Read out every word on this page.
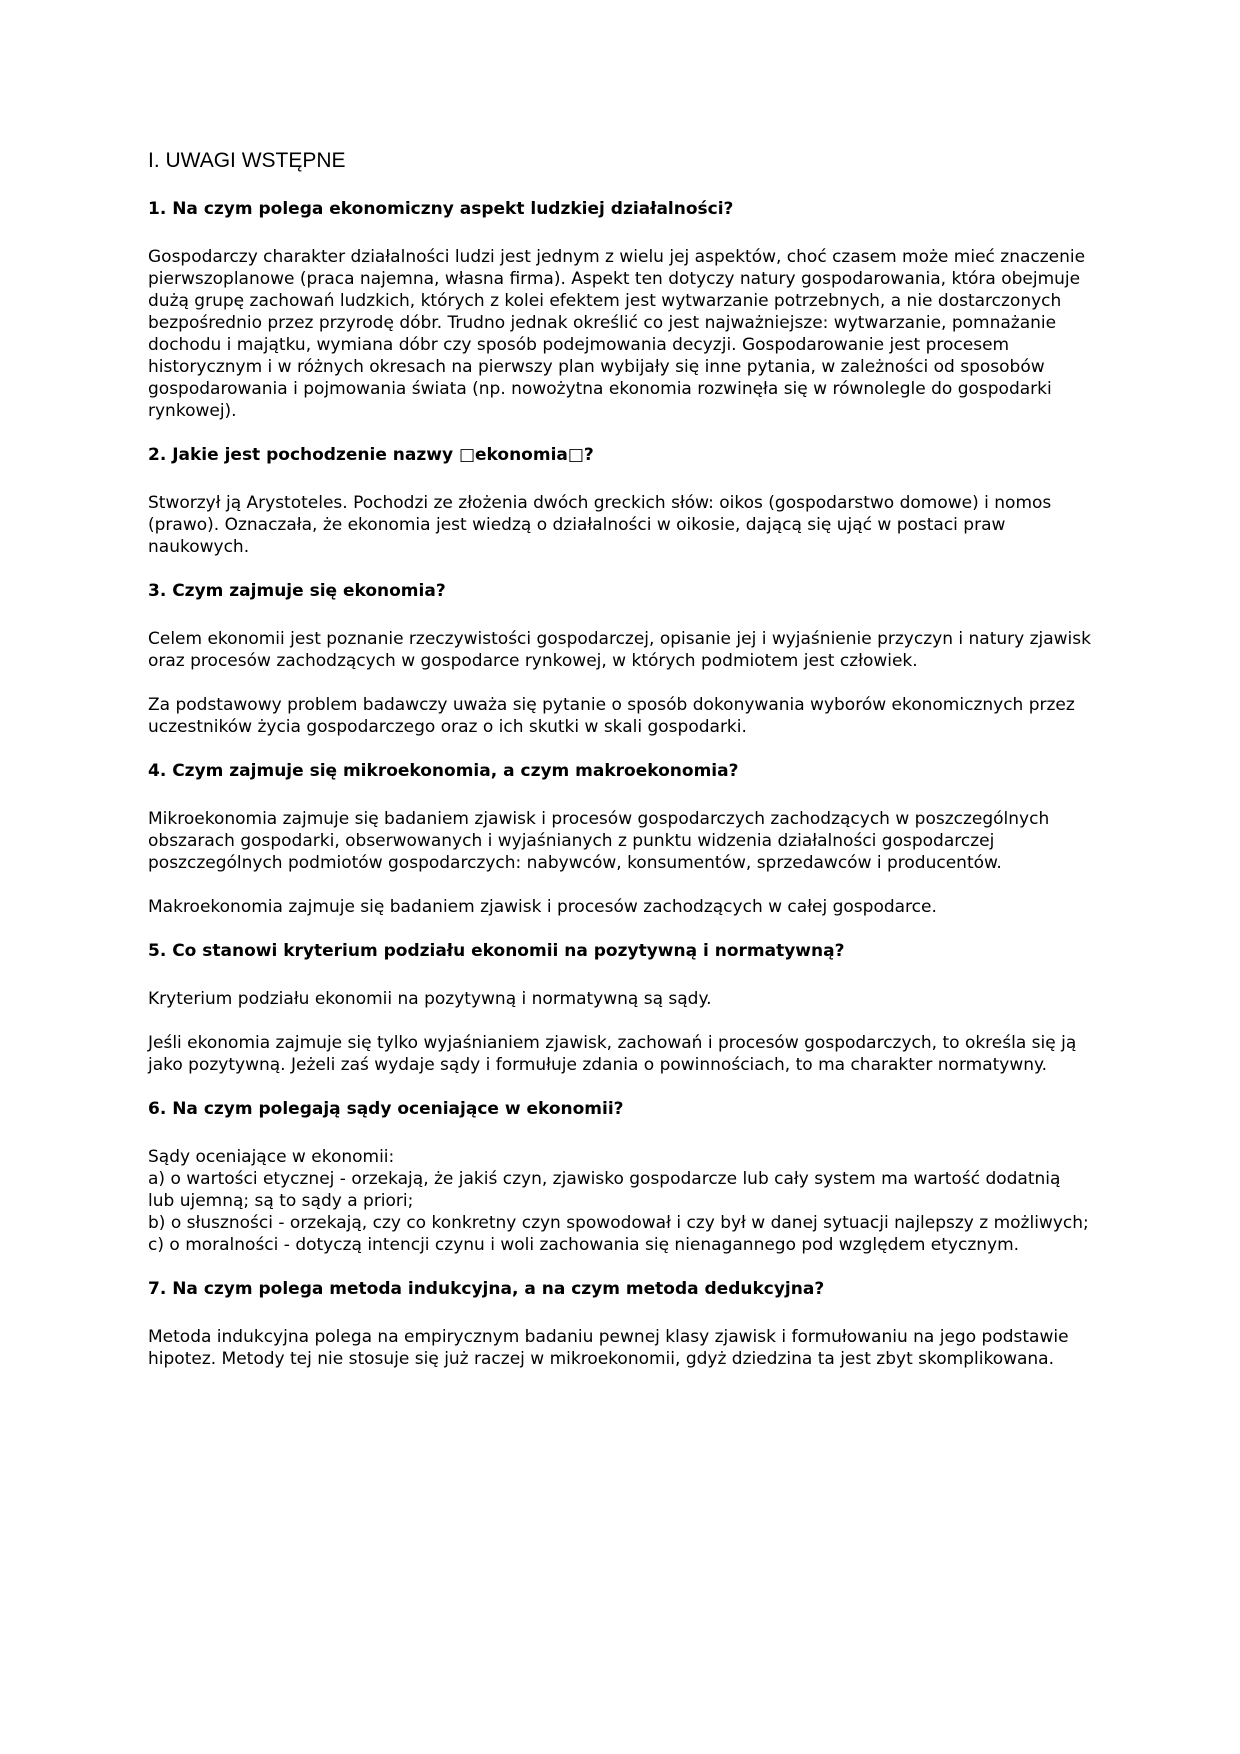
I. UWAGI WSTĘPNE
1. Na czym polega ekonomiczny aspekt ludzkiej działalności?
Gospodarczy charakter działalności ludzi jest jednym z wielu jej aspektów, choć czasem może mieć znaczenie pierwszoplanowe (praca najemna, własna firma). Aspekt ten dotyczy natury gospodarowania, która obejmuje dużą grupę zachowań ludzkich, których z kolei efektem jest wytwarzanie potrzebnych, a nie dostarczonych bezpośrednio przez przyrodę dóbr. Trudno jednak określić co jest najważniejsze: wytwarzanie, pomnażanie dochodu i majątku, wymiana dóbr czy sposób podejmowania decyzji. Gospodarowanie jest procesem historycznym i w różnych okresach na pierwszy plan wybijały się inne pytania, w zależności od sposobów gospodarowania i pojmowania świata (np. nowożytna ekonomia rozwinęła się w równolegle do gospodarki rynkowej).
2. Jakie jest pochodzenie nazwy □ekonomia□?
Stworzył ją Arystoteles. Pochodzi ze złożenia dwóch greckich słów: oikos (gospodarstwo domowe) i nomos (prawo). Oznaczała, że ekonomia jest wiedzą o działalności w oikosie, dającą się ująć w postaci praw naukowych.
3. Czym zajmuje się ekonomia?
Celem ekonomii jest poznanie rzeczywistości gospodarczej, opisanie jej i wyjaśnienie przyczyn i natury zjawisk oraz procesów zachodzących w gospodarce rynkowej, w których podmiotem jest człowiek.
Za podstawowy problem badawczy uważa się pytanie o sposób dokonywania wyborów ekonomicznych przez uczestników życia gospodarczego oraz o ich skutki w skali gospodarki.
4. Czym zajmuje się mikroekonomia, a czym makroekonomia?
Mikroekonomia zajmuje się badaniem zjawisk i procesów gospodarczych zachodzących w poszczególnych obszarach gospodarki, obserwowanych i wyjaśnianych z punktu widzenia działalności gospodarczej poszczególnych podmiotów gospodarczych: nabywców, konsumentów, sprzedawców i producentów.
Makroekonomia zajmuje się badaniem zjawisk i procesów zachodzących w całej gospodarce.
5. Co stanowi kryterium podziału ekonomii na pozytywną i normatywną?
Kryterium podziału ekonomii na pozytywną i normatywną są sądy.
Jeśli ekonomia zajmuje się tylko wyjaśnianiem zjawisk, zachowań i procesów gospodarczych, to określa się ją jako pozytywną. Jeżeli zaś wydaje sądy i formułuje zdania o powinnościach, to ma charakter normatywny.
6. Na czym polegają sądy oceniające w ekonomii?
Sądy oceniające w ekonomii:
a) o wartości etycznej - orzekają, że jakiś czyn, zjawisko gospodarcze lub cały system ma wartość dodatnią lub ujemną; są to sądy a priori;
b) o słuszności - orzekają, czy co konkretny czyn spowodował i czy był w danej sytuacji najlepszy z możliwych;
c) o moralności - dotyczą intencji czynu i woli zachowania się nienagannego pod względem etycznym.
7. Na czym polega metoda indukcyjna, a na czym metoda dedukcyjna?
Metoda indukcyjna polega na empirycznym badaniu pewnej klasy zjawisk i formułowaniu na jego podstawie hipotez. Metody tej nie stosuje się już raczej w mikroekonomii, gdyż dziedzina ta jest zbyt skomplikowana.
